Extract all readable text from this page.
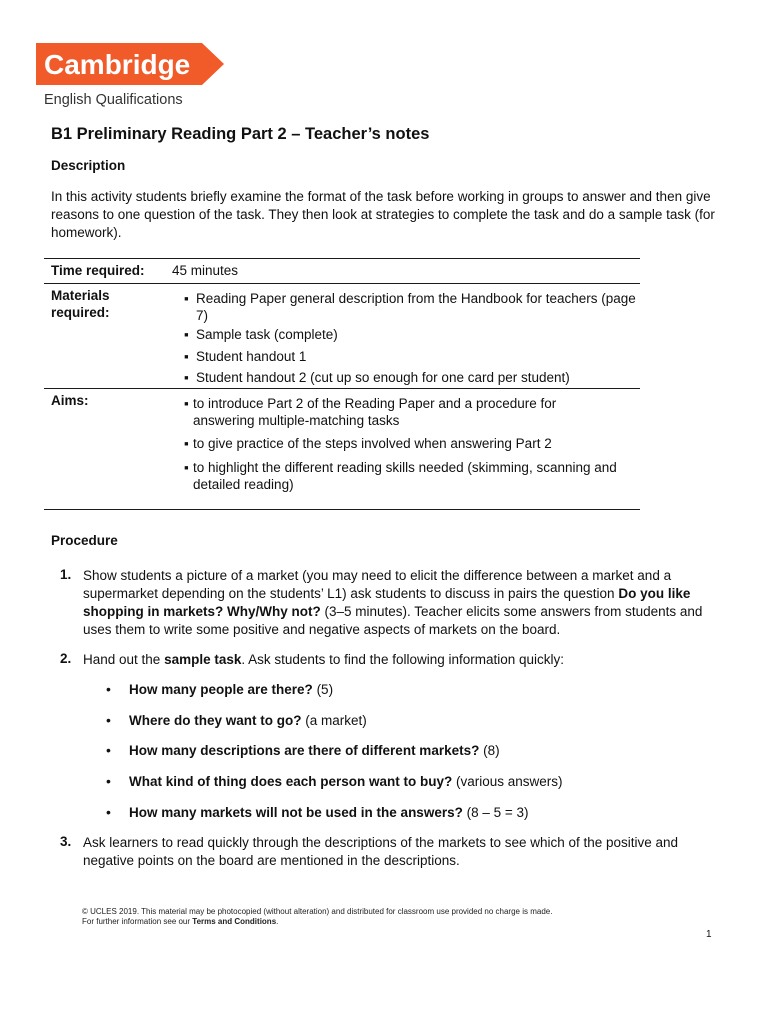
Cambridge
English Qualifications
B1 Preliminary Reading Part 2 – Teacher’s notes
Description
In this activity students briefly examine the format of the task before working in groups to answer and then give reasons to one question of the task. They then look at strategies to complete the task and do a sample task (for homework).
Time required: 45 minutes
Materials
required:
▪ Reading Paper general description from the Handbook for teachers (page 7)
▪ Sample task (complete)
▪ Student handout 1
▪ Student handout 2 (cut up so enough for one card per student)
Aims:	▪ to introduce Part 2 of the Reading Paper and a procedure for answering multiple-matching tasks
▪ to give practice of the steps involved when answering Part 2
▪ to highlight the different reading skills needed (skimming, scanning and detailed reading)
Procedure
1. Show students a picture of a market (you may need to elicit the difference between a market and a supermarket depending on the students’ L1) ask students to discuss in pairs the question Do you like shopping in markets? Why/Why not? (3–5 minutes). Teacher elicits some answers from students and uses them to write some positive and negative aspects of markets on the board.
2. Hand out the sample task. Ask students to find the following information quickly:
• How many people are there? (5)
• Where do they want to go? (a market)
• How many descriptions are there of different markets? (8)
• What kind of thing does each person want to buy? (various answers)
• How many markets will not be used in the answers? (8 – 5 = 3)
3. Ask learners to read quickly through the descriptions of the markets to see which of the positive and negative points on the board are mentioned in the descriptions.
© UCLES 2019. This material may be photocopied (without alteration) and distributed for classroom use provided no charge is made.
For further information see our Terms and Conditions.
1
